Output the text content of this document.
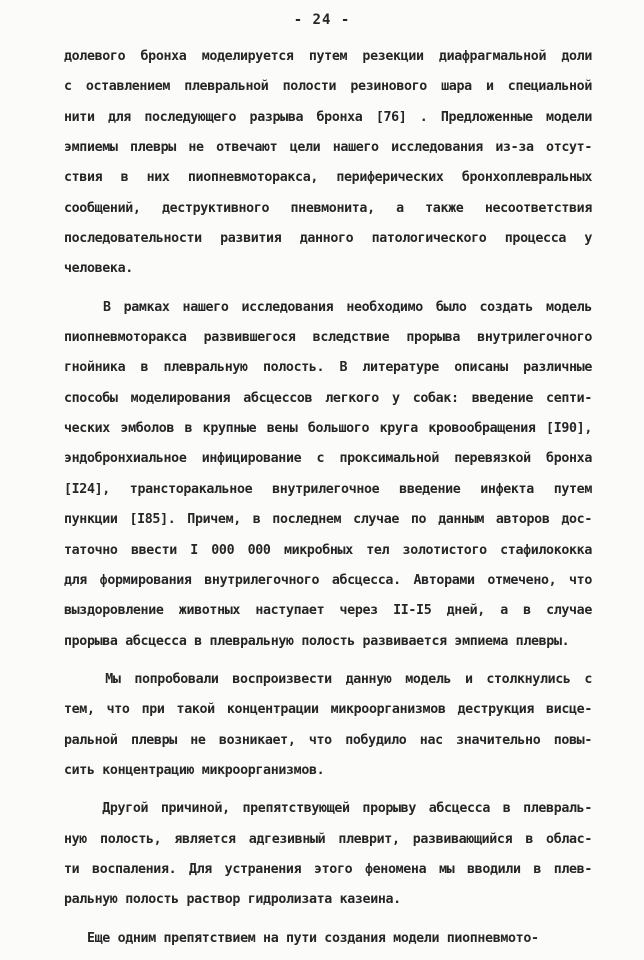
- 24 -
долевого бронха моделируется путем резекции диафрагмальной доли
с оставлением плевральной полости резинового шара и специальной
нити для последующего разрыва бронха [76] . Предложенные модели
эмпиемы плевры не отвечают цели нашего исследования из-за отсут-
ствия в них пиопневмоторакса, периферических бронхоплевральных
сообщений, деструктивного пневмонита, а также несоответствия
последовательности развития данного патологического процесса у
человека.
В рамках нашего исследования необходимо было создать модель
пиопневмоторакса развившегося вследствие прорыва внутрилегочного
гнойника в плевральную полость. В литературе описаны различные
способы моделирования абсцессов легкого у собак: введение септи-
ческих эмболов в крупные вены большого круга кровообращения [I90],
эндобронхиальное инфицирование с проксимальной перевязкой бронха
[I24], трансторакальное внутрилегочное введение инфекта путем
пункции [I85]. Причем, в последнем случае по данным авторов дос-
таточно ввести I 000 000 микробных тел золотистого стафилококка
для формирования внутрилегочного абсцесса. Авторами отмечено, что
выздоровление животных наступает через II-I5 дней, а в случае
прорыва абсцесса в плевральную полость развивается эмпиема плевры.
Мы попробовали воспроизвести данную модель и столкнулись с
тем, что при такой концентрации микроорганизмов деструкция висце-
ральной плевры не возникает, что побудило нас значительно повы-
сить концентрацию микроорганизмов.
Другой причиной, препятствующей прорыву абсцесса в плевраль-
ную полость, является адгезивный плеврит, развивающийся в облас-
ти воспаления. Для устранения этого феномена мы вводили в плев-
ральную полость раствор гидролизата казеина.
Еще одним препятствием на пути создания модели пиопневмото-
